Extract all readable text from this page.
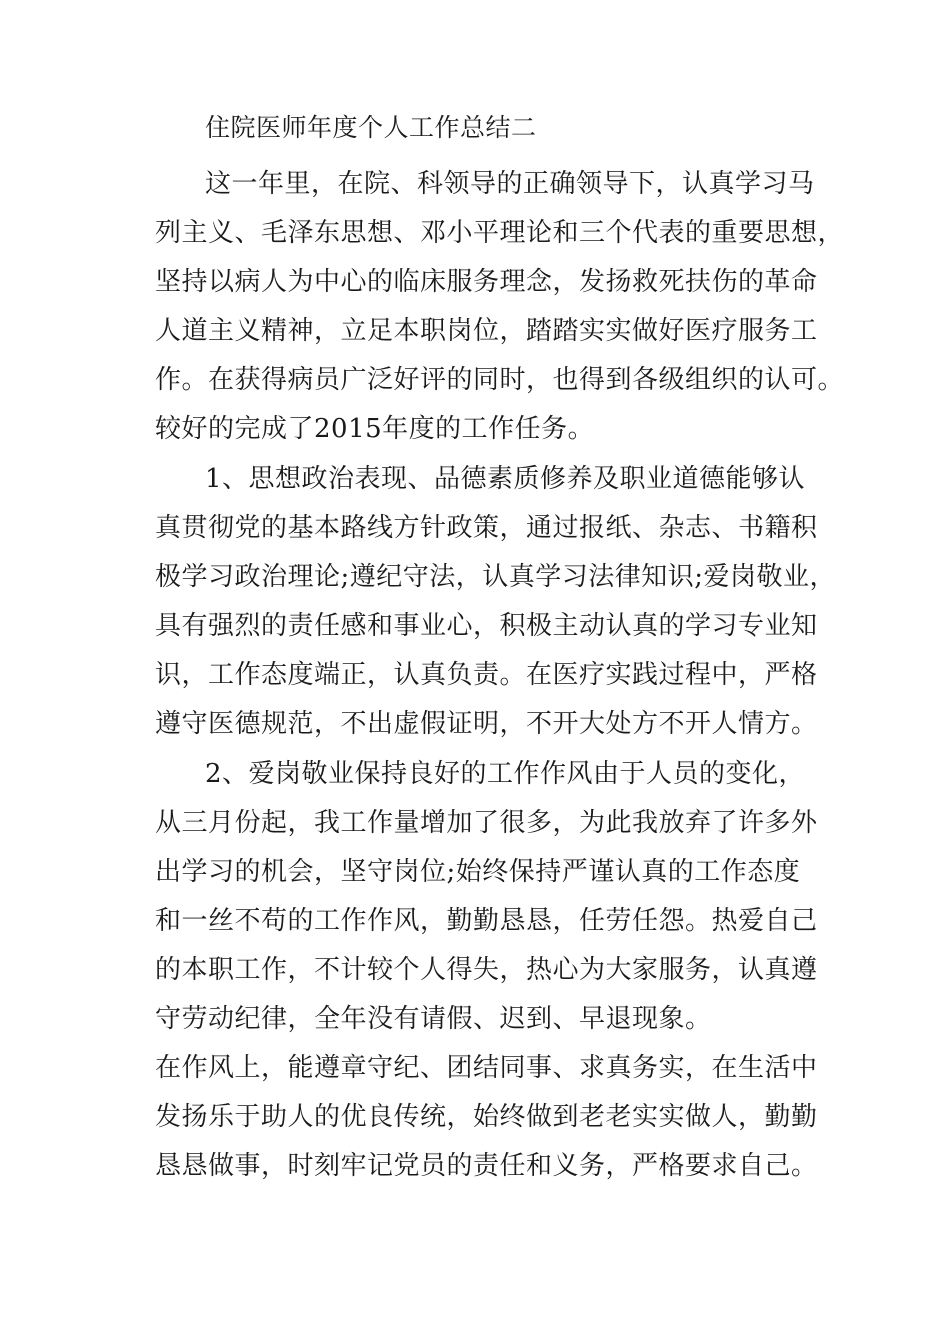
住院医师年度个人工作总结二
这一年里，在院、科领导的正确领导下，认真学习马
列主义、毛泽东思想、邓小平理论和三个代表的重要思想，
坚持以病人为中心的临床服务理念，发扬救死扶伤的革命
人道主义精神，立足本职岗位，踏踏实实做好医疗服务工
作。在获得病员广泛好评的同时，也得到各级组织的认可。
较好的完成了2015年度的工作任务。
1、思想政治表现、品德素质修养及职业道德能够认
真贯彻党的基本路线方针政策，通过报纸、杂志、书籍积
极学习政治理论;遵纪守法，认真学习法律知识;爱岗敬业，
具有强烈的责任感和事业心，积极主动认真的学习专业知
识，工作态度端正，认真负责。在医疗实践过程中，严格
遵守医德规范，不出虚假证明，不开大处方不开人情方。
2、爱岗敬业保持良好的工作作风由于人员的变化，
从三月份起，我工作量增加了很多，为此我放弃了许多外
出学习的机会，坚守岗位;始终保持严谨认真的工作态度
和一丝不苟的工作作风，勤勤恳恳，任劳任怨。热爱自己
的本职工作，不计较个人得失，热心为大家服务，认真遵
守劳动纪律，全年没有请假、迟到、早退现象。
在作风上，能遵章守纪、团结同事、求真务实，在生活中
发扬乐于助人的优良传统，始终做到老老实实做人，勤勤
恳恳做事，时刻牢记党员的责任和义务，严格要求自己。
